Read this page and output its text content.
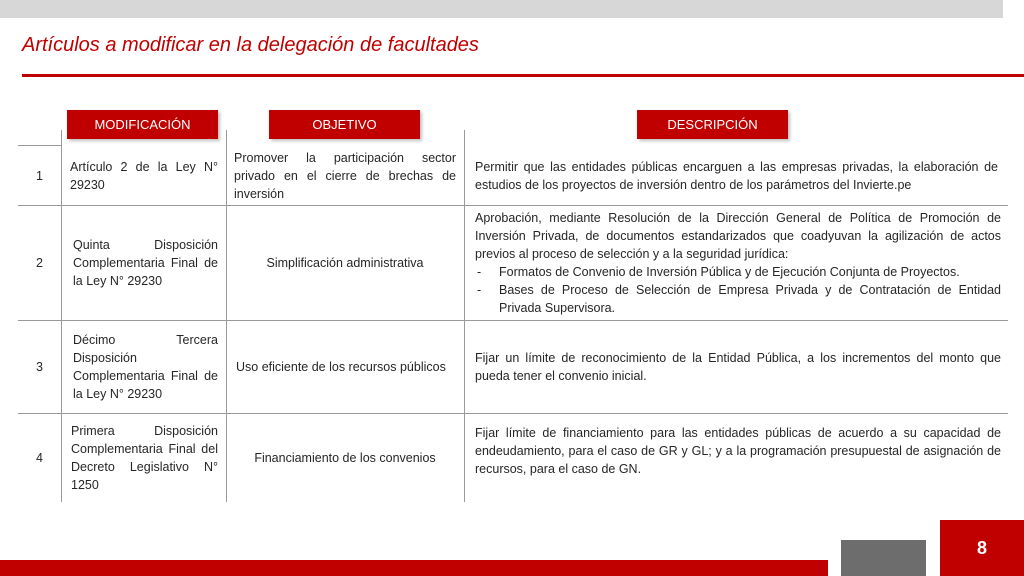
Artículos a modificar en la delegación de facultades
MODIFICACIÓN	OBJETIVO	DESCRIPCIÓN
1
Artículo 2 de la Ley N° 29230
Promover la participación sector privado en el cierre de brechas de inversión
Permitir que las entidades públicas encarguen a las empresas privadas, la elaboración de estudios de los proyectos de inversión dentro de los parámetros del Invierte.pe
2
Quinta Disposición Complementaria Final de la Ley N° 29230
Simplificación administrativa
Aprobación, mediante Resolución de la Dirección General de Política de Promoción de Inversión Privada, de documentos estandarizados que coadyuvan la agilización de actos previos al proceso de selección y a la seguridad jurídica:
- Formatos de Convenio de Inversión Pública y de Ejecución Conjunta de Proyectos.
- Bases de Proceso de Selección de Empresa Privada y de Contratación de Entidad Privada Supervisora.
3
Décimo Tercera Disposición Complementaria Final de la Ley N° 29230
Uso eficiente de los recursos públicos
Fijar un límite de reconocimiento de la Entidad Pública, a los incrementos del monto que pueda tener el convenio inicial.
4
Primera Disposición Complementaria Final del Decreto Legislativo N° 1250
Financiamiento de los convenios
Fijar límite de financiamiento para las entidades públicas de acuerdo a su capacidad de endeudamiento, para el caso de GR y GL; y a la programación presupuestal de asignación de recursos, para el caso de GN.
8
